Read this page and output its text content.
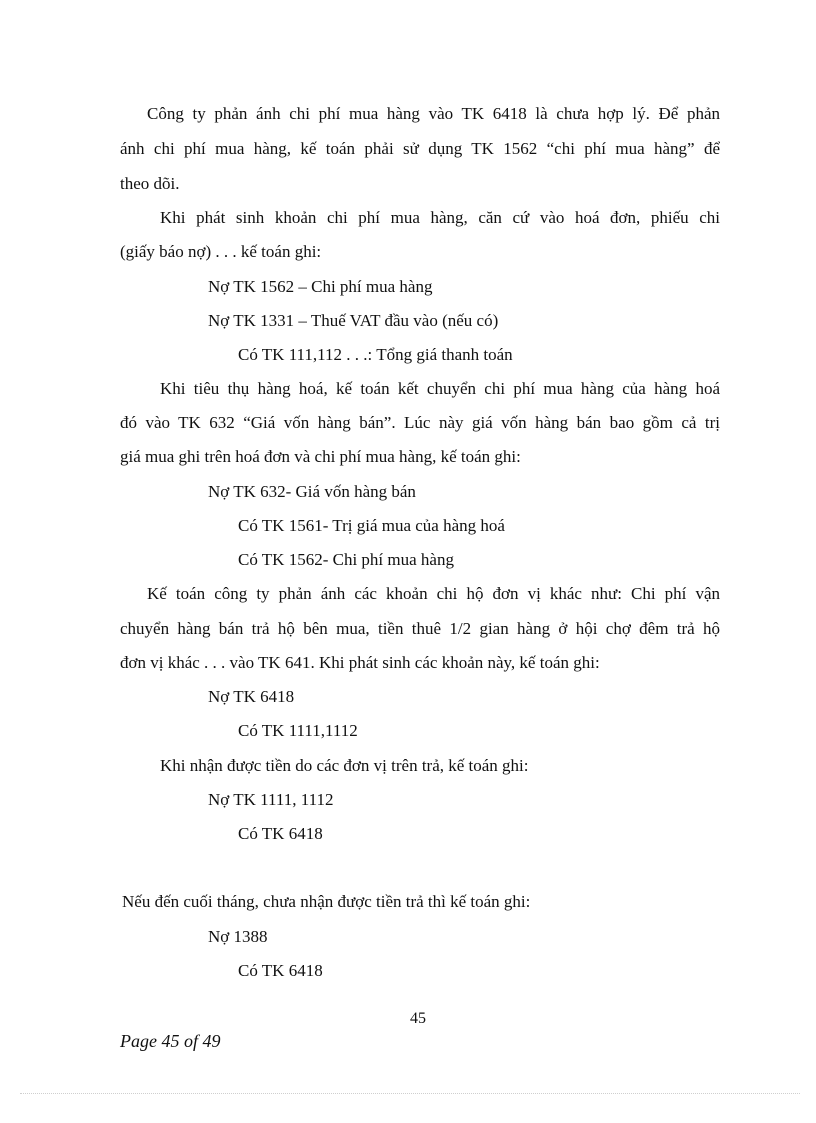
Công ty phản ánh chi phí mua hàng vào TK 6418 là chưa hợp lý. Để phản
ánh chi phí mua hàng, kế toán phải sử dụng TK 1562 “chi phí mua hàng” để
theo dõi.
Khi phát sinh khoản chi phí mua hàng, căn cứ vào hoá đơn, phiếu chi
(giấy báo nợ) . . . kế toán ghi:
Nợ TK 1562 – Chi phí mua hàng
Nợ TK 1331 – Thuế VAT đầu vào (nếu có)
Có TK 111,112 . . .: Tổng giá thanh toán
Khi tiêu thụ hàng hoá, kế toán kết chuyển chi phí mua hàng của hàng hoá
đó vào TK 632 “Giá vốn hàng bán”. Lúc này giá vốn hàng bán bao gồm cả trị
giá mua ghi trên hoá đơn và chi phí mua hàng, kế toán ghi:
Nợ TK 632- Giá vốn hàng bán
Có TK 1561- Trị giá mua của hàng hoá
Có TK 1562- Chi phí mua hàng
Kế toán công ty phản ánh các khoản chi hộ đơn vị khác như: Chi phí vận
chuyển hàng bán trả hộ bên mua, tiền thuê 1/2 gian hàng ở hội chợ đêm trả hộ
đơn vị khác . . . vào TK 641. Khi phát sinh các khoản này, kế toán ghi:
Nợ TK 6418
Có TK 1111,1112
Khi nhận được tiền do các đơn vị trên trả, kế toán ghi:
Nợ TK 1111, 1112
Có TK 6418
Nếu đến cuối tháng, chưa nhận được tiền trả thì kế toán ghi:
Nợ 1388
Có TK 6418
45
Page 45 of 49
